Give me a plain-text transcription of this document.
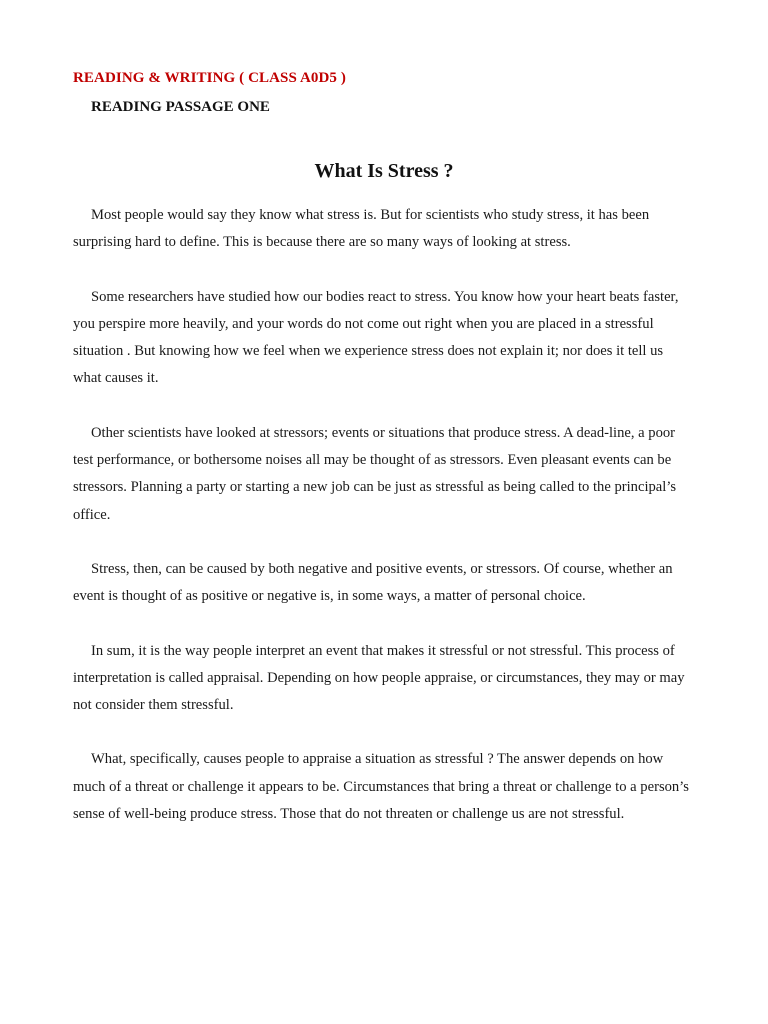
READING & WRITING ( CLASS A0D5 )
READING PASSAGE ONE
What Is Stress ?

Most people would say they know what stress is. But for scientists who study stress, it has been surprising hard to define. This is because there are so many ways of looking at stress.

Some researchers have studied how our bodies react to stress. You know how your heart beats faster, you perspire more heavily, and your words do not come out right when you are placed in a stressful situation . But knowing how we feel when we experience stress does not explain it; nor does it tell us what causes it.

Other scientists have looked at stressors; events or situations that produce stress. A dead-line, a poor test performance, or bothersome noises all may be thought of as stressors. Even pleasant events can be stressors. Planning a party or starting a new job can be just as stressful as being called to the principal’s office.

Stress, then, can be caused by both negative and positive events, or stressors. Of course, whether an event is thought of as positive or negative is, in some ways, a matter of personal choice.

In sum, it is the way people interpret an event that makes it stressful or not stressful. This process of interpretation is called appraisal. Depending on how people appraise, or circumstances, they may or may not consider them stressful.

What, specifically, causes people to appraise a situation as stressful ? The answer depends on how much of a threat or challenge it appears to be. Circumstances that bring a threat or challenge to a person’s sense of well-being produce stress. Those that do not threaten or challenge us are not stressful.
